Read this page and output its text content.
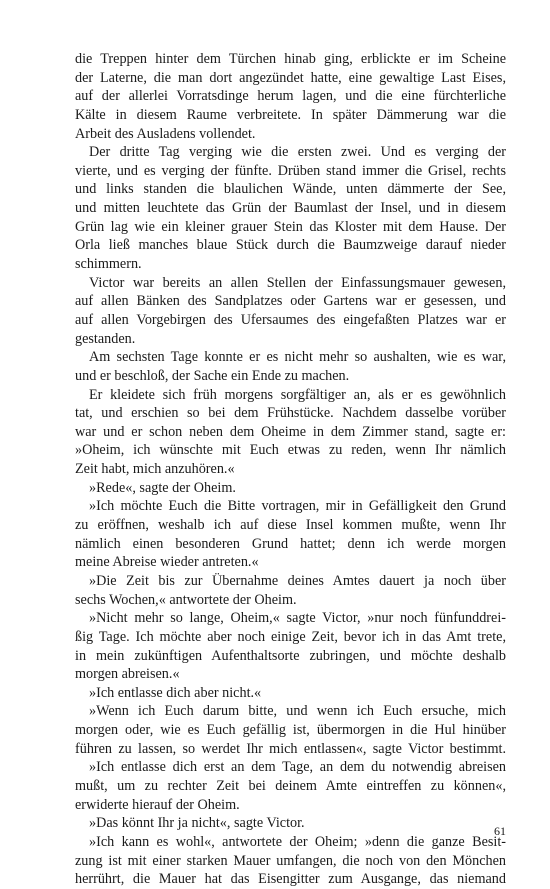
die Treppen hinter dem Türchen hinab ging, erblickte er im Scheine
der Laterne, die man dort angezündet hatte, eine gewaltige Last Eises,
auf der allerlei Vorratsdinge herum lagen, und die eine fürchterliche
Kälte in diesem Raume verbreitete. In später Dämmerung war die
Arbeit des Ausladens vollendet.
Der dritte Tag verging wie die ersten zwei. Und es verging der
vierte, und es verging der fünfte. Drüben stand immer die Grisel, rechts
und links standen die blaulichen Wände, unten dämmerte der See,
und mitten leuchtete das Grün der Baumlast der Insel, und in diesem
Grün lag wie ein kleiner grauer Stein das Kloster mit dem Hause. Der
Orla ließ manches blaue Stück durch die Baumzweige darauf nieder
schimmern.
Victor war bereits an allen Stellen der Einfassungsmauer gewesen,
auf allen Bänken des Sandplatzes oder Gartens war er gesessen, und
auf allen Vorgebirgen des Ufersaumes des eingefaßten Platzes war er
gestanden.
Am sechsten Tage konnte er es nicht mehr so aushalten, wie es war,
und er beschloß, der Sache ein Ende zu machen.
Er kleidete sich früh morgens sorgfältiger an, als er es gewöhnlich
tat, und erschien so bei dem Frühstücke. Nachdem dasselbe vorüber
war und er schon neben dem Oheime in dem Zimmer stand, sagte er:
»Oheim, ich wünschte mit Euch etwas zu reden, wenn Ihr nämlich
Zeit habt, mich anzuhören.«
»Rede«, sagte der Oheim.
»Ich möchte Euch die Bitte vortragen, mir in Gefälligkeit den Grund
zu eröffnen, weshalb ich auf diese Insel kommen mußte, wenn Ihr
nämlich einen besonderen Grund hattet; denn ich werde morgen
meine Abreise wieder antreten.«
»Die Zeit bis zur Übernahme deines Amtes dauert ja noch über
sechs Wochen,« antwortete der Oheim.
»Nicht mehr so lange, Oheim,« sagte Victor, »nur noch fünfunddrei-
ßig Tage. Ich möchte aber noch einige Zeit, bevor ich in das Amt trete,
in mein zukünftigen Aufenthaltsorte zubringen, und möchte deshalb
morgen abreisen.«
»Ich entlasse dich aber nicht.«
»Wenn ich Euch darum bitte, und wenn ich Euch ersuche, mich
morgen oder, wie es Euch gefällig ist, übermorgen in die Hul hinüber
führen zu lassen, so werdet Ihr mich entlassen«, sagte Victor bestimmt.
»Ich entlasse dich erst an dem Tage, an dem du notwendig abreisen
mußt, um zu rechter Zeit bei deinem Amte eintreffen zu können«,
erwiderte hierauf der Oheim.
»Das könnt Ihr ja nicht«, sagte Victor.
»Ich kann es wohl«, antwortete der Oheim; »denn die ganze Besit-
zung ist mit einer starken Mauer umfangen, die noch von den Mönchen
herrührt, die Mauer hat das Eisengitter zum Ausgange, das niemand
61
